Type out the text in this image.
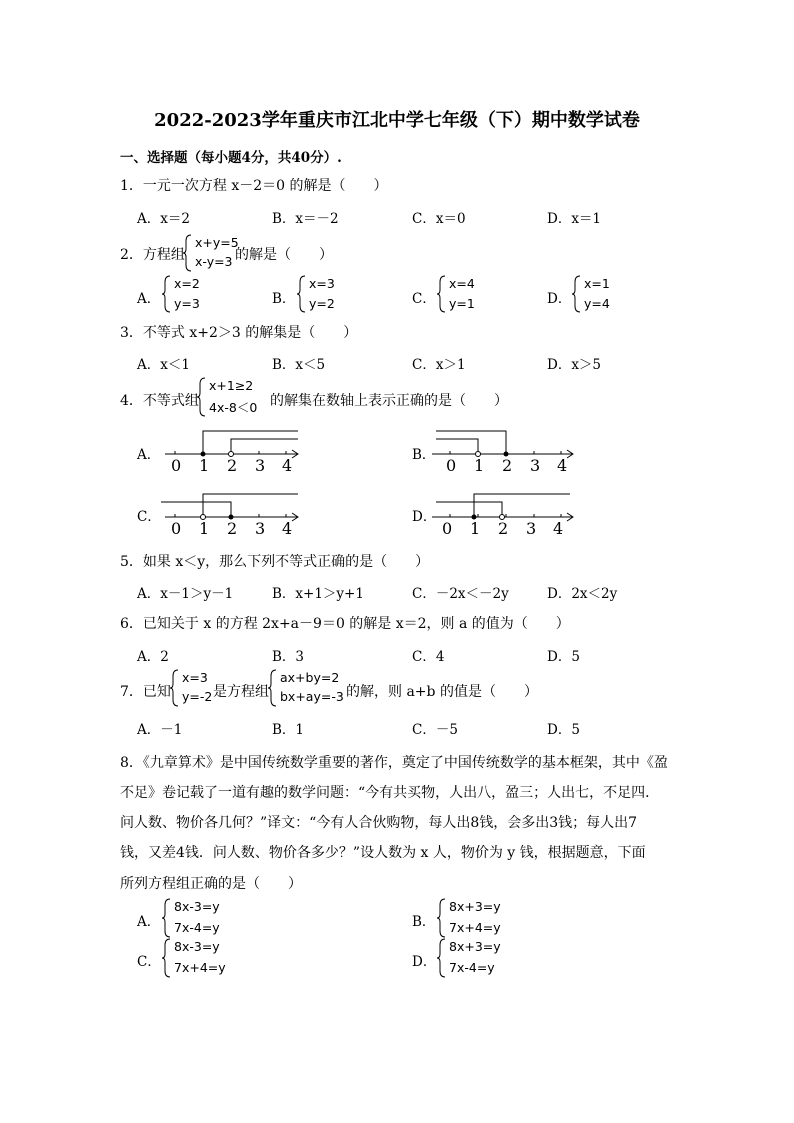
2022-2023学年重庆市江北中学七年级（下）期中数学试卷
一、选择题（每小题4分，共40分）.
1．一元一次方程 x－2＝0 的解是（　　）
A．x＝2	B．x＝－2	C．x＝0	D．x＝1
2．方程组
x+y=5
x-y=3 的解是（　　）
A．
x=2
y=3	B．
x=3
y=2	C．
x=4
y=1	D．
x=1
y=4
3．不等式 x+2＞3 的解集是（　　）
A．x＜1	B．x＜5	C．x＞1	D．x＞5
4．不等式组
x+1≥2
4x-8＜0 的解集在数轴上表示正确的是（　　）
A．	B．
C．	D．
0 1 2 3 4	0 1 2 3 4
0 1 2 3 4	0 1 2 3 4
5．如果 x＜y，那么下列不等式正确的是（　　）
A．x－1＞y－1	B．x+1＞y+1	C．－2x＜－2y	D．2x＜2y
6．已知关于 x 的方程 2x+a－9＝0 的解是 x＝2，则 a 的值为（　　）
A．2	B．3	C．4	D．5
7．已知
x=3
y=-2 是方程组
ax+by=2
bx+ay=-3 的解，则 a+b 的值是（　　）
A．－1	B．1	C．－5	D．5
8．《九章算术》是中国传统数学重要的著作，奠定了中国传统数学的基本框架，其中《盈
不足》卷记载了一道有趣的数学问题：“今有共买物，人出八，盈三；人出七，不足四．
问人数、物价各几何？”译文：“今有人合伙购物，每人出8钱，会多出3钱；每人出7
钱，又差4钱．问人数、物价各多少？”设人数为 x 人，物价为 y 钱，根据题意，下面
所列方程组正确的是（　　）
A．
8x-3=y
7x-4=y	B．
8x+3=y
7x+4=y
C．
8x-3=y
7x+4=y	D．
8x+3=y
7x-4=y
